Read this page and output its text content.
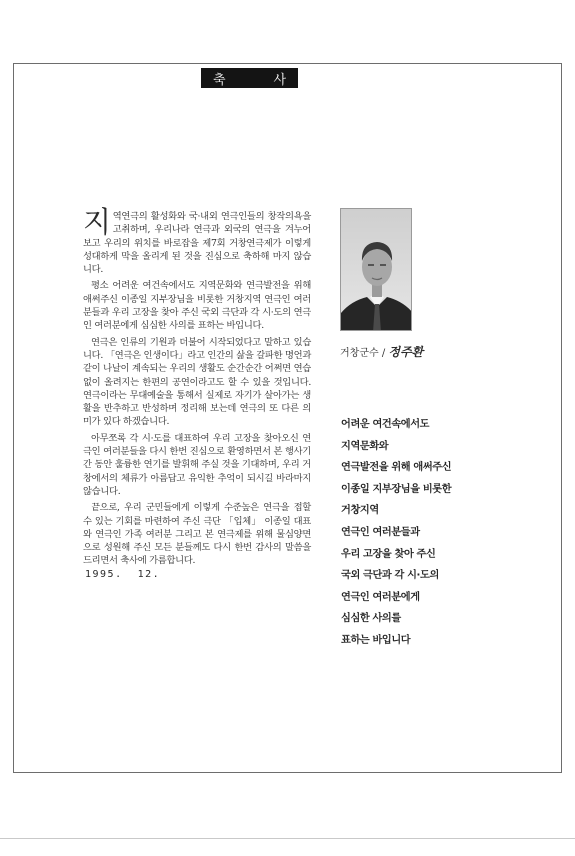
축	사

지역연극의 활성화와 국·내외 연극인들의 창작의욕을 고취하며, 우리나라 연극과 외국의 연극을 겨누어 보고 우리의 위치를 바로잡을 제7회 거창연극제가 이렇게 성대하게 막을 올리게 된 것을 진심으로 축하해 마지 않습니다.

평소 어려운 여건속에서도 지역문화와 연극발전을 위해 애써주신 이종일 지부장님을 비롯한 거창지역 연극인 여러분들과 우리 고장을 찾아 주신 국외 극단과 각 시·도의 연극인 여러분에게 심심한 사의를 표하는 바입니다.

연극은 인류의 기원과 더불어 시작되었다고 말하고 있습니다. 「연극은 인생이다」라고 인간의 삶을 갈파한 명언과 같이 나날이 계속되는 우리의 생활도 순간순간 어쩌면 연습없이 올려지는 한편의 공연이라고도 할 수 있을 것입니다. 연극이라는 무대예술을 통해서 실제로 자기가 살아가는 생활을 반추하고 반성하며 정리해 보는데 연극의 또 다른 의미가 있다 하겠습니다.

아무쪼록 각 시·도를 대표하여 우리 고장을 찾아오신 연극인 여러분들을 다시 한번 진심으로 환영하면서 본 행사기간 동안 훌륭한 연기를 발휘해 주실 것을 기대하며, 우리 거창에서의 체류가 아름답고 유익한 추억이 되시길 바라마지 않습니다.

끝으로, 우리 군민들에게 이렇게 수준높은 연극을 접할 수 있는 기회를 마련하여 주신 극단 「입체」 이종일 대표와 연극인 가족 여러분 그리고 본 연극제를 위해 물심양면으로 성원해 주신 모든 분들께도 다시 한번 감사의 말씀을 드리면서 축사에 가름합니다.

1995.  12.
거창군수 / 정주환
어려운 여건속에서도
지역문화와
연극발전을 위해 애써주신
이종일 지부장님을 비롯한
거창지역
연극인 여러분들과
우리 고장을 찾아 주신
국외 극단과 각 시·도의
연극인 여러분에게
심심한 사의를
표하는 바입니다
